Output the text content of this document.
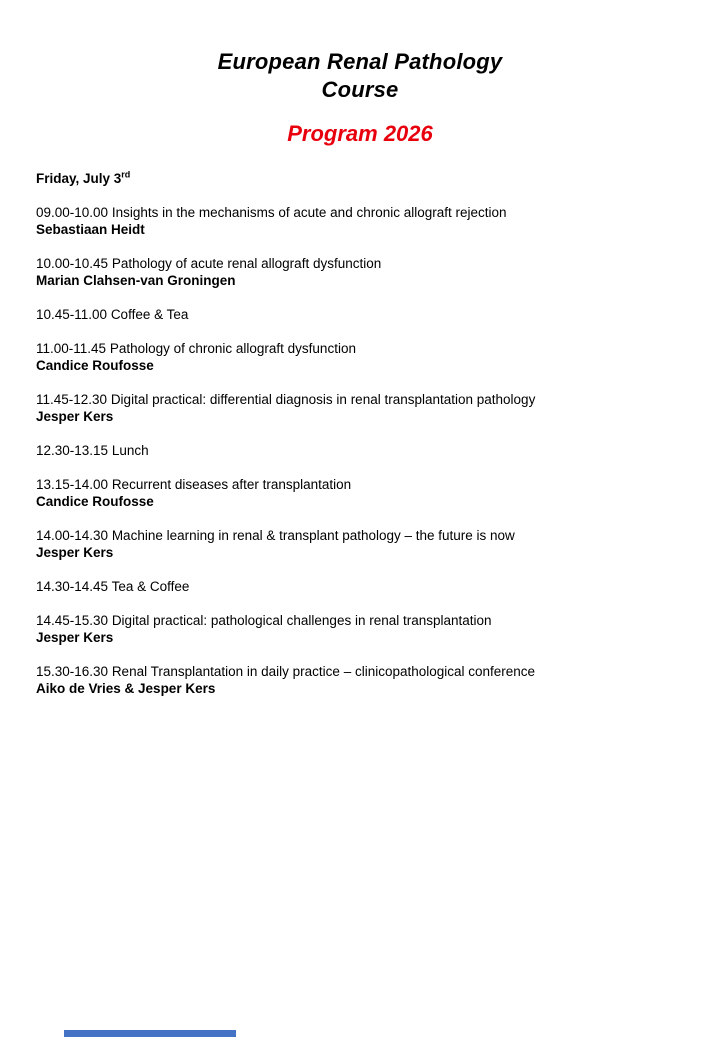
European Renal Pathology
Course
Program 2026
Friday, July 3rd
09.00-10.00 Insights in the mechanisms of acute and chronic allograft rejection
Sebastiaan Heidt
10.00-10.45 Pathology of acute renal allograft dysfunction
Marian Clahsen-van Groningen
10.45-11.00 Coffee & Tea
11.00-11.45 Pathology of chronic allograft dysfunction
Candice Roufosse
11.45-12.30 Digital practical: differential diagnosis in renal transplantation pathology
Jesper Kers
12.30-13.15 Lunch
13.15-14.00 Recurrent diseases after transplantation
Candice Roufosse
14.00-14.30 Machine learning in renal & transplant pathology – the future is now
Jesper Kers
14.30-14.45 Tea & Coffee
14.45-15.30 Digital practical: pathological challenges in renal transplantation
Jesper Kers
15.30-16.30 Renal Transplantation in daily practice – clinicopathological conference
Aiko de Vries & Jesper Kers
